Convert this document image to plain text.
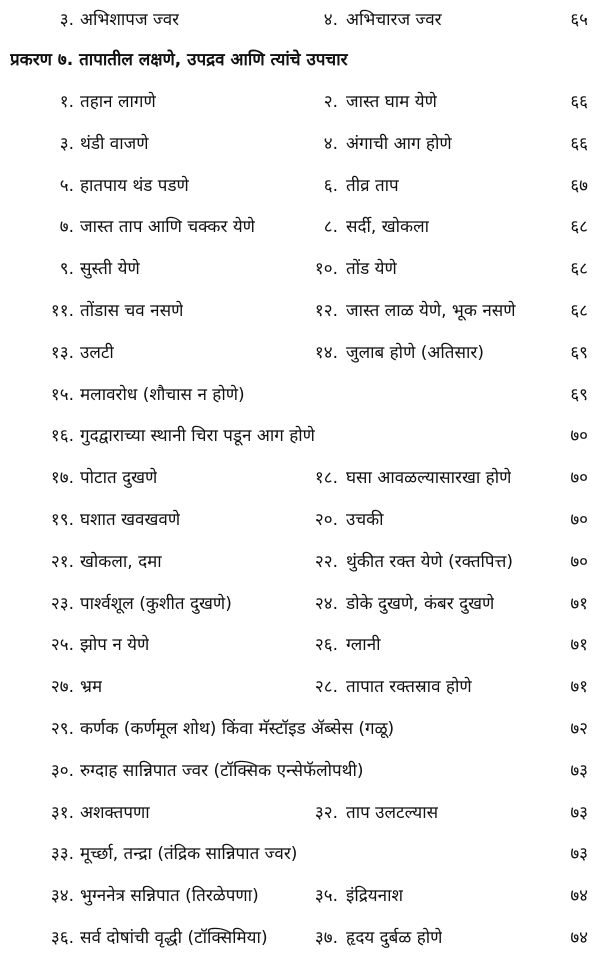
३. अभिशापज ज्वर	४. अभिचारज ज्वर	६५
प्रकरण ७. तापातील लक्षणे, उपद्रव आणि त्यांचे उपचार
१. तहान लागणे	२. जास्त घाम येणे	६६
३. थंडी वाजणे	४. अंगाची आग होणे	६६
५. हातपाय थंड पडणे	६. तीव्र ताप	६७
७. जास्त ताप आणि चक्कर येणे	८. सर्दी, खोकला	६८
९. सुस्ती येणे	१०. तोंड येणे	६८
११. तोंडास चव नसणे	१२. जास्त लाळ येणे, भूक नसणे	६८
१३. उलटी	१४. जुलाब होणे (अतिसार)	६९
१५. मलावरोध (शौचास न होणे)	६९
१६. गुदद्वाराच्या स्थानी चिरा पडून आग होणे	७०
१७. पोटात दुखणे	१८. घसा आवळल्यासारखा होणे	७०
१९. घशात खवखवणे	२०. उचकी	७०
२१. खोकला, दमा	२२. थुंकीत रक्त येणे (रक्तपित्त)	७०
२३. पार्श्वशूल (कुशीत दुखणे)	२४. डोके दुखणे, कंबर दुखणे	७१
२५. झोप न येणे	२६. ग्लानी	७१
२७. भ्रम	२८. तापात रक्तस्राव होणे	७१
२९. कर्णक (कर्णमूल शोथ) किंवा मॅस्टॉइड ॲब्सेस (गळू)	७२
३०. रुग्दाह सान्निपात ज्वर (टॉक्सिक एन्सेफॅलोपथी)	७३
३१. अशक्तपणा	३२. ताप उलटल्यास	७३
३३. मूर्च्छा, तन्द्रा (तंद्रिक सान्निपात ज्वर)	७३
३४. भुग्ननेत्र सन्निपात (तिरळेपणा)	३५. इंद्रियनाश	७४
३६. सर्व दोषांची वृद्धी (टॉक्सिमिया)	३७. हृदय दुर्बळ होणे	७४
